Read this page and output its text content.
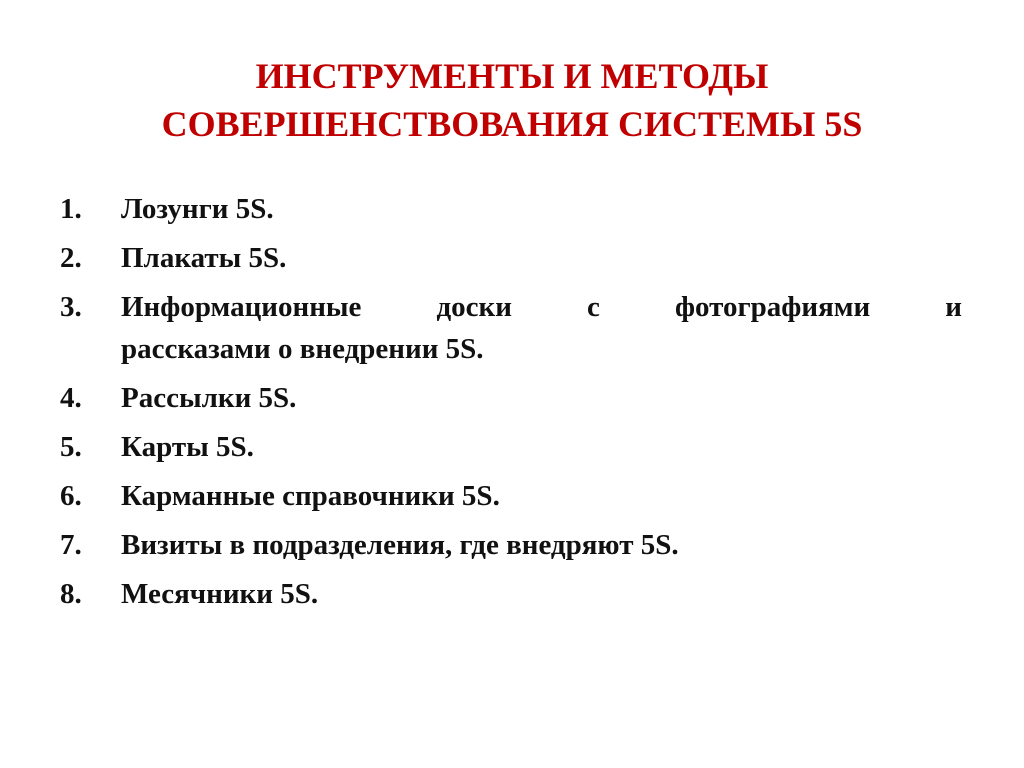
ИНСТРУМЕНТЫ И МЕТОДЫ
СОВЕРШЕНСТВОВАНИЯ СИСТЕМЫ 5S
1. Лозунги 5S.
2. Плакаты 5S.
3. Информационные доски с фотографиями и
рассказами о внедрении 5S.
4. Рассылки 5S.
5. Карты 5S.
6. Карманные справочники 5S.
7. Визиты в подразделения, где внедряют 5S.
8. Месячники 5S.
